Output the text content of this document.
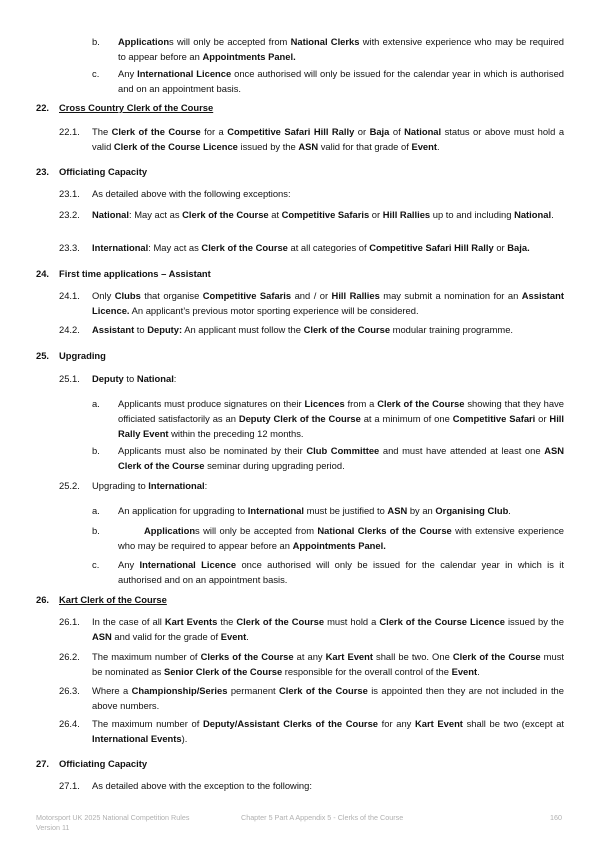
b. Applications will only be accepted from National Clerks with extensive experience who may be required to appear before an Appointments Panel.
c. Any International Licence once authorised will only be issued for the calendar year in which is authorised and on an appointment basis.
22. Cross Country Clerk of the Course
22.1. The Clerk of the Course for a Competitive Safari Hill Rally or Baja of National status or above must hold a valid Clerk of the Course Licence issued by the ASN valid for that grade of Event.
23. Officiating Capacity
23.1. As detailed above with the following exceptions:
23.2. National: May act as Clerk of the Course at Competitive Safaris or Hill Rallies up to and including National.
23.3. International: May act as Clerk of the Course at all categories of Competitive Safari Hill Rally or Baja.
24. First time applications – Assistant
24.1. Only Clubs that organise Competitive Safaris and / or Hill Rallies may submit a nomination for an Assistant Licence. An applicant’s previous motor sporting experience will be considered.
24.2. Assistant to Deputy: An applicant must follow the Clerk of the Course modular training programme.
25. Upgrading
25.1. Deputy to National:
a. Applicants must produce signatures on their Licences from a Clerk of the Course showing that they have officiated satisfactorily as an Deputy Clerk of the Course at a minimum of one Competitive Safari or Hill Rally Event within the preceding 12 months.
b. Applicants must also be nominated by their Club Committee and must have attended at least one ASN Clerk of the Course seminar during upgrading period.
25.2. Upgrading to International:
a. An application for upgrading to International must be justified to ASN by an Organising Club.
b.	Applications will only be accepted from National Clerks of the Course with extensive experience who may be required to appear before an Appointments Panel.
c. Any International Licence once authorised will only be issued for the calendar year in which is it authorised and on an appointment basis.
26. Kart Clerk of the Course
26.1. In the case of all Kart Events the Clerk of the Course must hold a Clerk of the Course Licence issued by the ASN and valid for the grade of Event.
26.2. The maximum number of Clerks of the Course at any Kart Event shall be two. One Clerk of the Course must be nominated as Senior Clerk of the Course responsible for the overall control of the Event.
26.3. Where a Championship/Series permanent Clerk of the Course is appointed then they are not included in the above numbers.
26.4. The maximum number of Deputy/Assistant Clerks of the Course for any Kart Event shall be two (except at International Events).
27. Officiating Capacity
27.1. As detailed above with the exception to the following:
Motorsport UK 2025 National Competition Rules
Version 11
Chapter 5 Part A Appendix 5 - Clerks of the Course	160
